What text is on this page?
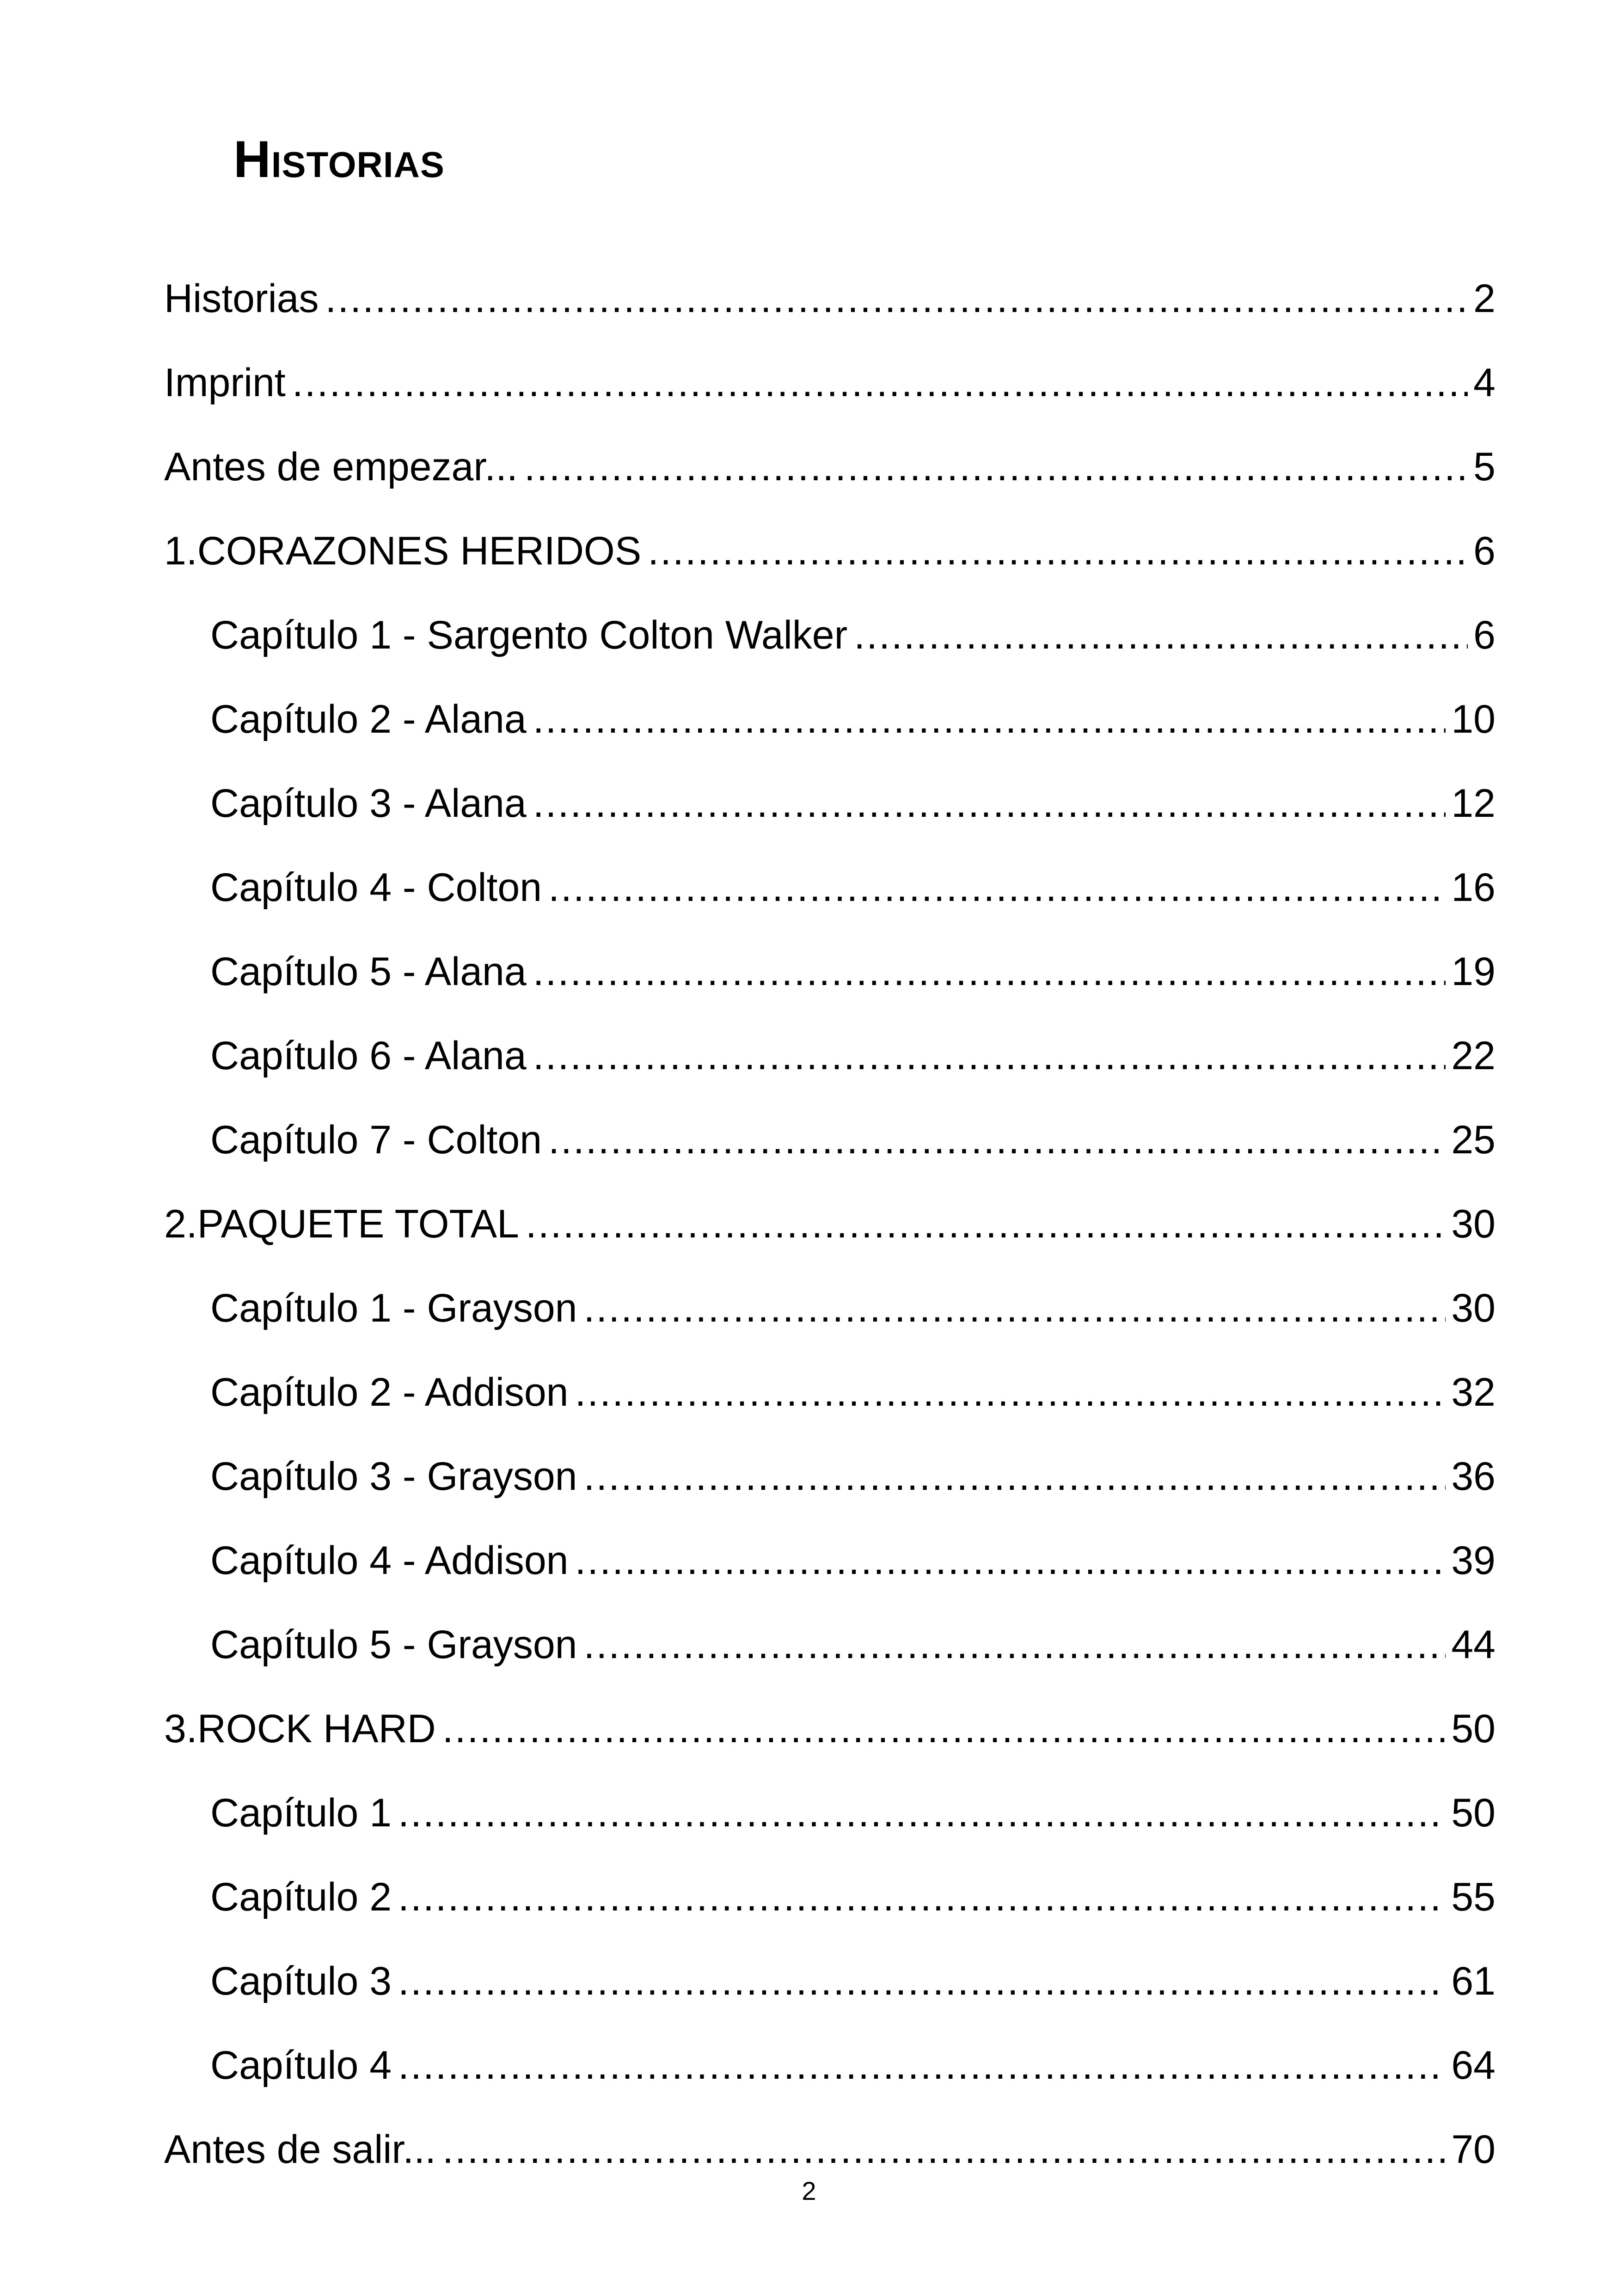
Historias
Historias .....	2
Imprint .....	4
Antes de empezar... .....	5
1. CORAZONES HERIDOS .....	6
Capítulo 1 - Sargento Colton Walker .....	6
Capítulo 2 - Alana .....	10
Capítulo 3 - Alana .....	12
Capítulo 4 - Colton .....	16
Capítulo 5 - Alana .....	19
Capítulo 6 - Alana .....	22
Capítulo 7 - Colton .....	25
2. PAQUETE TOTAL .....	30
Capítulo 1 - Grayson .....	30
Capítulo 2 - Addison .....	32
Capítulo 3 - Grayson .....	36
Capítulo 4 - Addison .....	39
Capítulo 5 - Grayson .....	44
3. ROCK HARD .....	50
Capítulo 1 .....	50
Capítulo 2 .....	55
Capítulo 3 .....	61
Capítulo 4 .....	64
Antes de salir... .....	70
2
